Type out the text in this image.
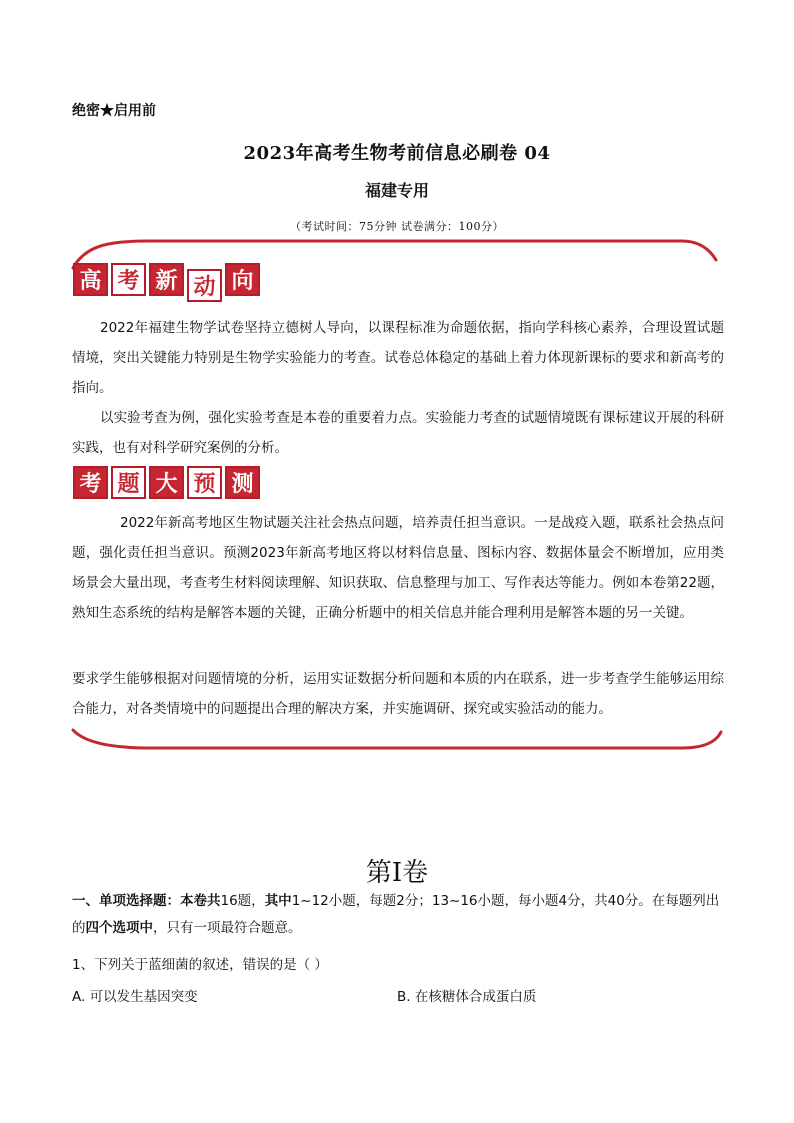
绝密★启用前
2023年高考生物考前信息必刷卷 04
福建专用
（考试时间：75分钟 试卷满分：100分）
高 考 新 动 向
2022年福建生物学试卷坚持立德树人导向，以课程标准为命题依据，指向学科核心素养，合理设置试题情境，突出关键能力特别是生物学实验能力的考查。试卷总体稳定的基础上着力体现新课标的要求和新高考的指向。
以实验考查为例，强化实验考查是本卷的重要着力点。实验能力考查的试题情境既有课标建议开展的科研实践，也有对科学研究案例的分析。
考 题 大 预 测
2022年新高考地区生物试题关注社会热点问题，培养责任担当意识。一是战疫入题，联系社会热点问题，强化责任担当意识。预测2023年新高考地区将以材料信息量、图标内容、数据体量会不断增加，应用类场景会大量出现，考查考生材料阅读理解、知识获取、信息整理与加工、写作表达等能力。例如本卷第22题，熟知生态系统的结构是解答本题的关键，正确分析题中的相关信息并能合理利用是解答本题的另一关键。
要求学生能够根据对问题情境的分析，运用实证数据分析问题和本质的内在联系，进一步考查学生能够运用综合能力，对各类情境中的问题提出合理的解决方案，并实施调研、探究或实验活动的能力。
第Ⅰ卷
一、单项选择题：本卷共16题，其中1~12小题，每题2分；13~16小题，每小题4分，共40分。在每题列出的四个选项中，只有一项最符合题意。
1、下列关于蓝细菌的叙述，错误的是（ ）
A. 可以发生基因突变	B. 在核糖体合成蛋白质
